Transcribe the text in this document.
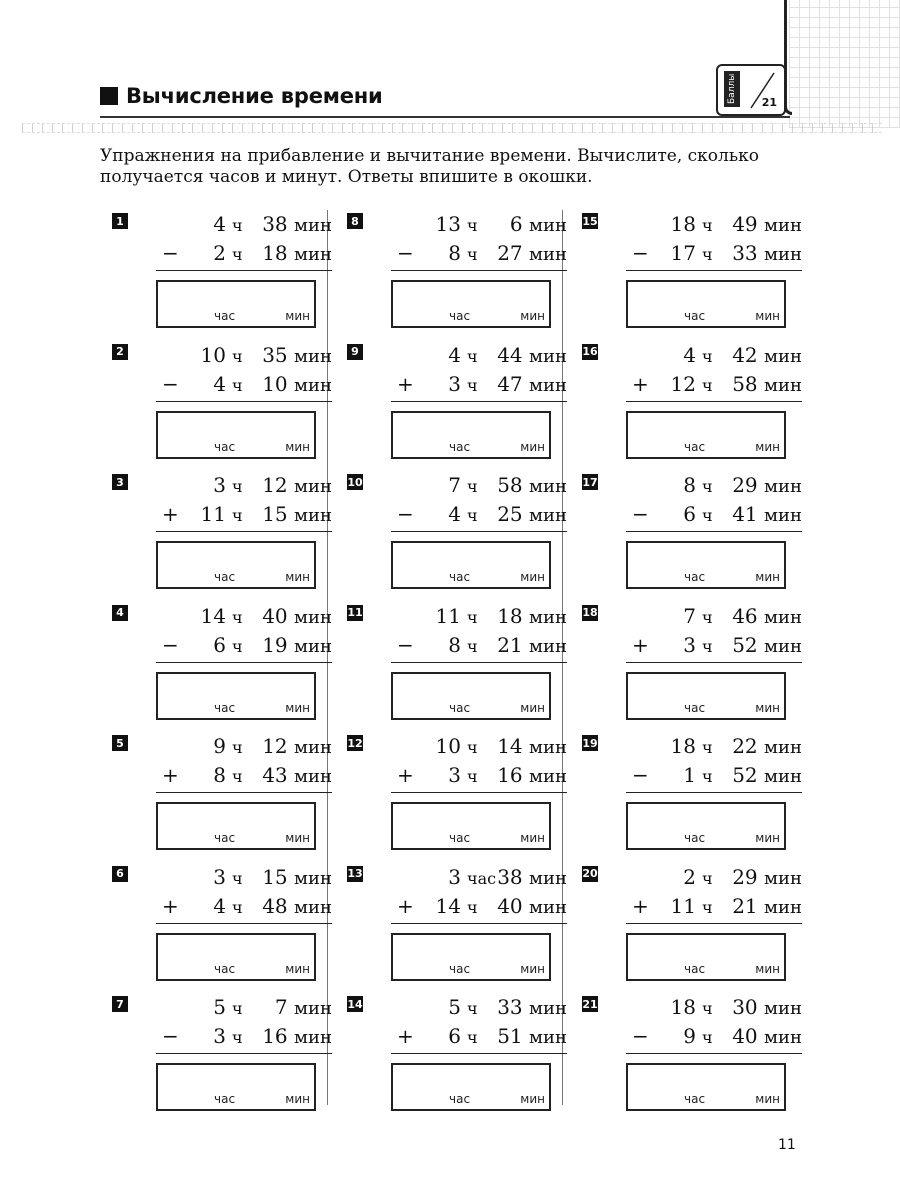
Вычисление времени	Баллы 21
Упражнения на прибавление и вычитание времени. Вычислите, сколько получается часов и минут. Ответы впишите в окошки.
1	4 ч 38 мин
− 2 ч 18 мин
час	мин
2	10 ч 35 мин
− 4 ч 10 мин
час	мин
3	3 ч 12 мин
+ 11 ч 15 мин
час	мин
4	14 ч 40 мин
− 6 ч 19 мин
час	мин
5	9 ч 12 мин
+ 8 ч 43 мин
час	мин
6	3 ч 15 мин
+ 4 ч 48 мин
час	мин
7	5 ч 7 мин
− 3 ч 16 мин
час	мин
8	13 ч 6 мин
− 8 ч 27 мин
час	мин
9	4 ч 44 мин
+ 3 ч 47 мин
час	мин
10	7 ч 58 мин
− 4 ч 25 мин
час	мин
11	11 ч 18 мин
− 8 ч 21 мин
час	мин
12	10 ч 14 мин
+ 3 ч 16 мин
час	мин
13	3 час 38 мин
+ 14 ч 40 мин
час	мин
14	5 ч 33 мин
+ 6 ч 51 мин
час	мин
15	18 ч 49 мин
− 17 ч 33 мин
час	мин
16	4 ч 42 мин
+ 12 ч 58 мин
час	мин
17	8 ч 29 мин
− 6 ч 41 мин
час	мин
18	7 ч 46 мин
+ 3 ч 52 мин
час	мин
19	18 ч 22 мин
− 1 ч 52 мин
час	мин
20	2 ч 29 мин
+ 11 ч 21 мин
час	мин
21	18 ч 30 мин
− 9 ч 40 мин
час	мин
11
